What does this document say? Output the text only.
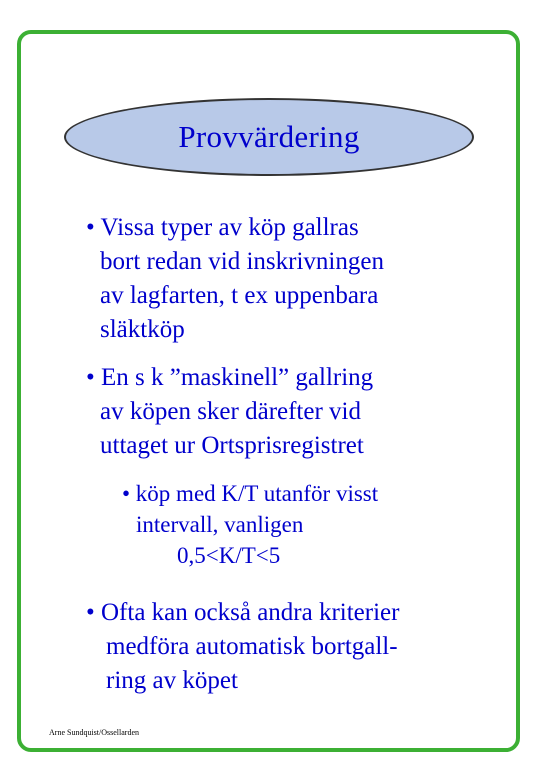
Provvärdering
• Vissa typer av köp gallras
bort redan vid inskrivningen
av lagfarten, t ex uppenbara
släktköp
• En s k ”maskinell” gallring
av köpen sker därefter vid
uttaget ur Ortsprisregistret
• köp med K/T utanför visst
intervall, vanligen
0,5<K/T<5
• Ofta kan också andra kriterier
medföra automatisk bortgall-
ring av köpet
Arne Sundquist/Ossellarden
